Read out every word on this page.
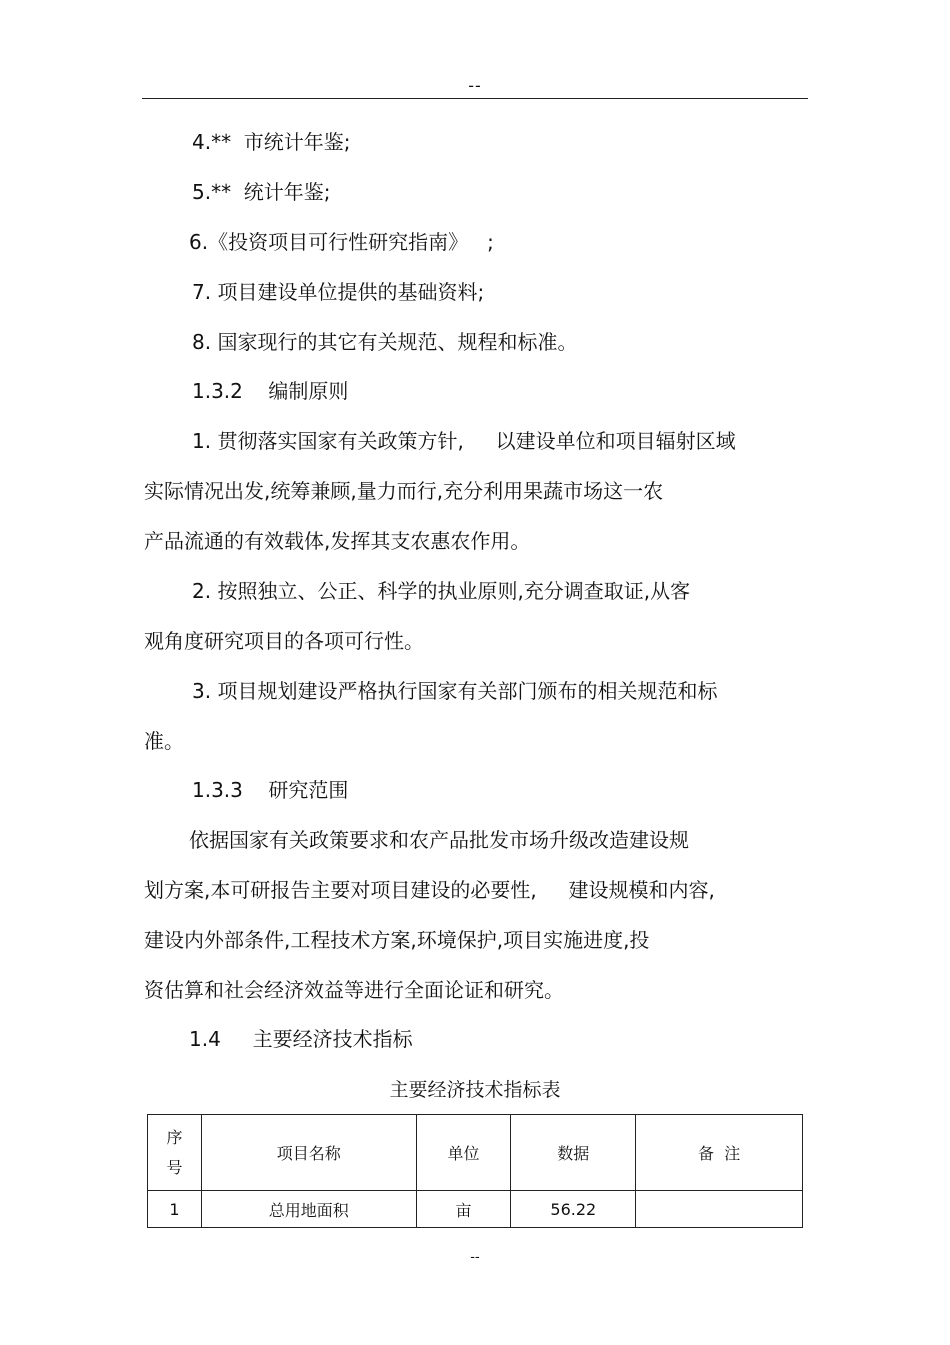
--
4.**  市统计年鉴;
5.**  统计年鉴;
6.《投资项目可行性研究指南》   ;
7. 项目建设单位提供的基础资料;
8. 国家现行的其它有关规范、规程和标准。
1.3.2    编制原则
1. 贯彻落实国家有关政策方针,     以建设单位和项目辐射区域
实际情况出发,统筹兼顾,量力而行,充分利用果蔬市场这一农
产品流通的有效载体,发挥其支农惠农作用。
2. 按照独立、公正、科学的执业原则,充分调查取证,从客
观角度研究项目的各项可行性。
3. 项目规划建设严格执行国家有关部门颁布的相关规范和标
准。
1.3.3    研究范围
依据国家有关政策要求和农产品批发市场升级改造建设规
划方案,本可研报告主要对项目建设的必要性,     建设规模和内容,
建设内外部条件,工程技术方案,环境保护,项目实施进度,投
资估算和社会经济效益等进行全面论证和研究。
1.4     主要经济技术指标
主要经济技术指标表
序
号	项目名称	单位	数据	备  注
1	总用地面积	亩	56.22	
--
